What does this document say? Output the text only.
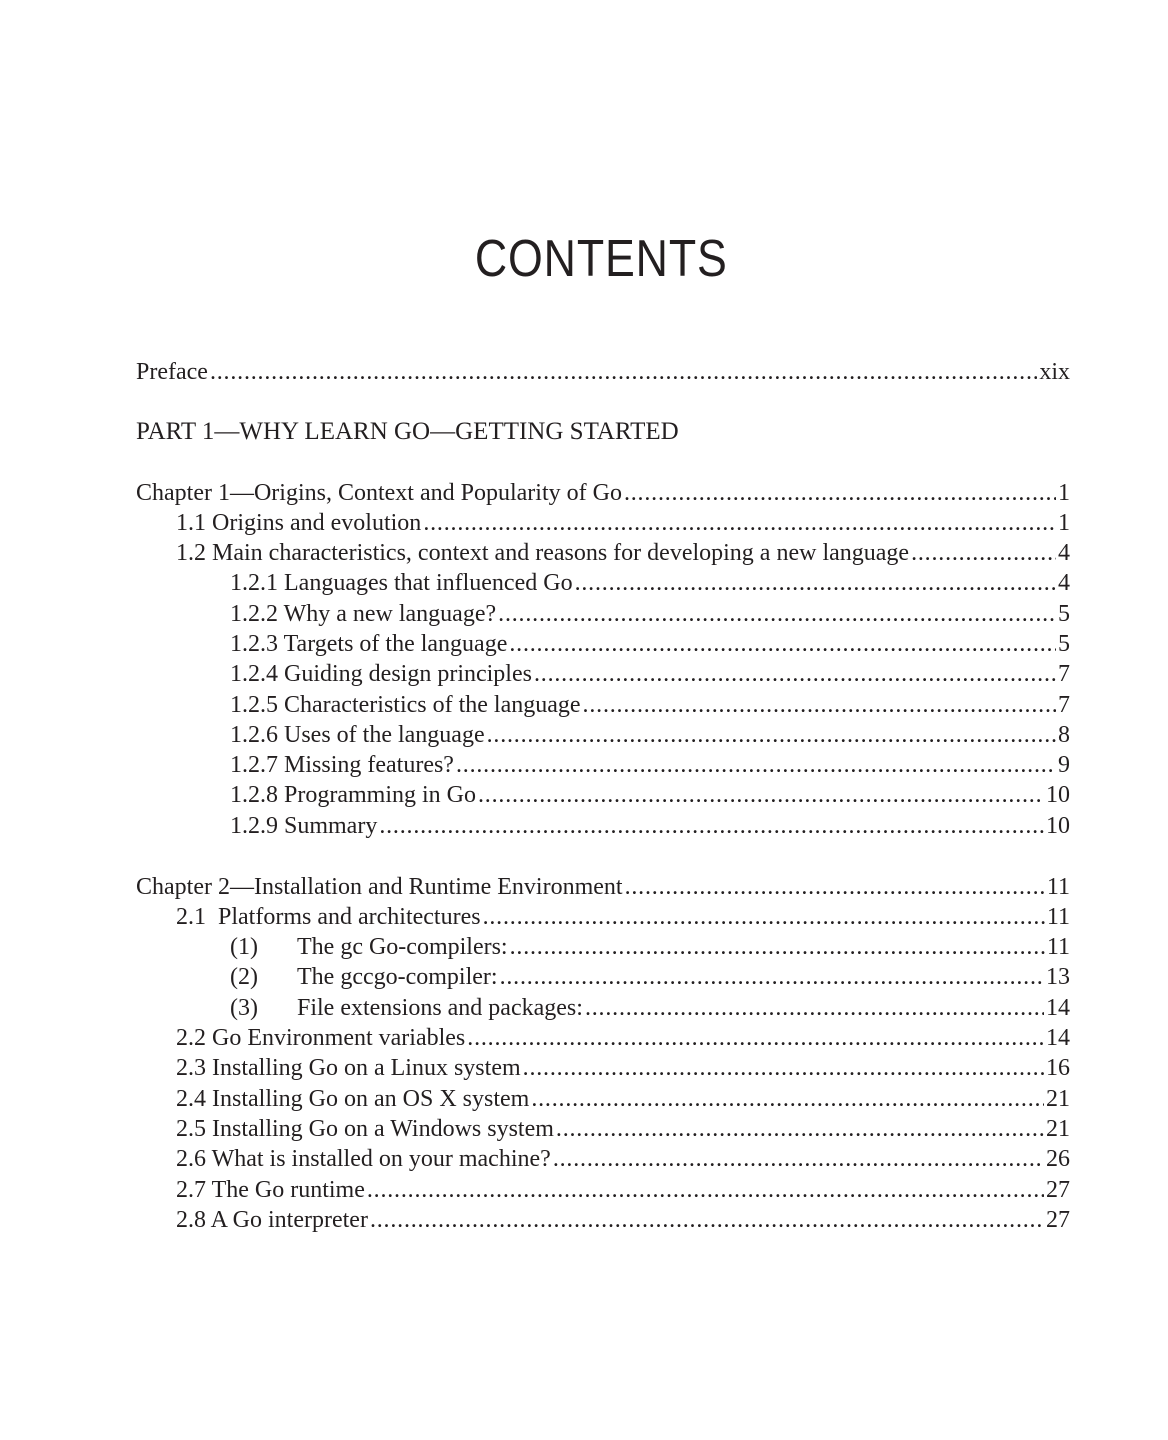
CONTENTS
Preface . . .	xix
PART 1—WHY LEARN GO—GETTING STARTED
Chapter 1—Origins, Context and Popularity of Go . . .	1
1.1 Origins and evolution . . .	1
1.2 Main characteristics, context and reasons for developing a new language . . .	4
1.2.1 Languages that influenced Go . . .	4
1.2.2 Why a new language? . . .	5
1.2.3 Targets of the language . . .	5
1.2.4 Guiding design principles . . .	7
1.2.5 Characteristics of the language . . .	7
1.2.6 Uses of the language . . .	8
1.2.7 Missing features? . . .	9
1.2.8 Programming in Go . . .	10
1.2.9 Summary . . .	10
Chapter 2—Installation and Runtime Environment . . .	11
2.1  Platforms and architectures . . .	11
(1)	The gc Go-compilers: . . .	11
(2)	The gccgo-compiler: . . .	13
(3)	File extensions and packages: . . .	14
2.2 Go Environment variables . . .	14
2.3 Installing Go on a Linux system . . .	16
2.4 Installing Go on an OS X system . . .	21
2.5 Installing Go on a Windows system . . .	21
2.6 What is installed on your machine? . . .	26
2.7 The Go runtime . . .	27
2.8 A Go interpreter . . .	27
